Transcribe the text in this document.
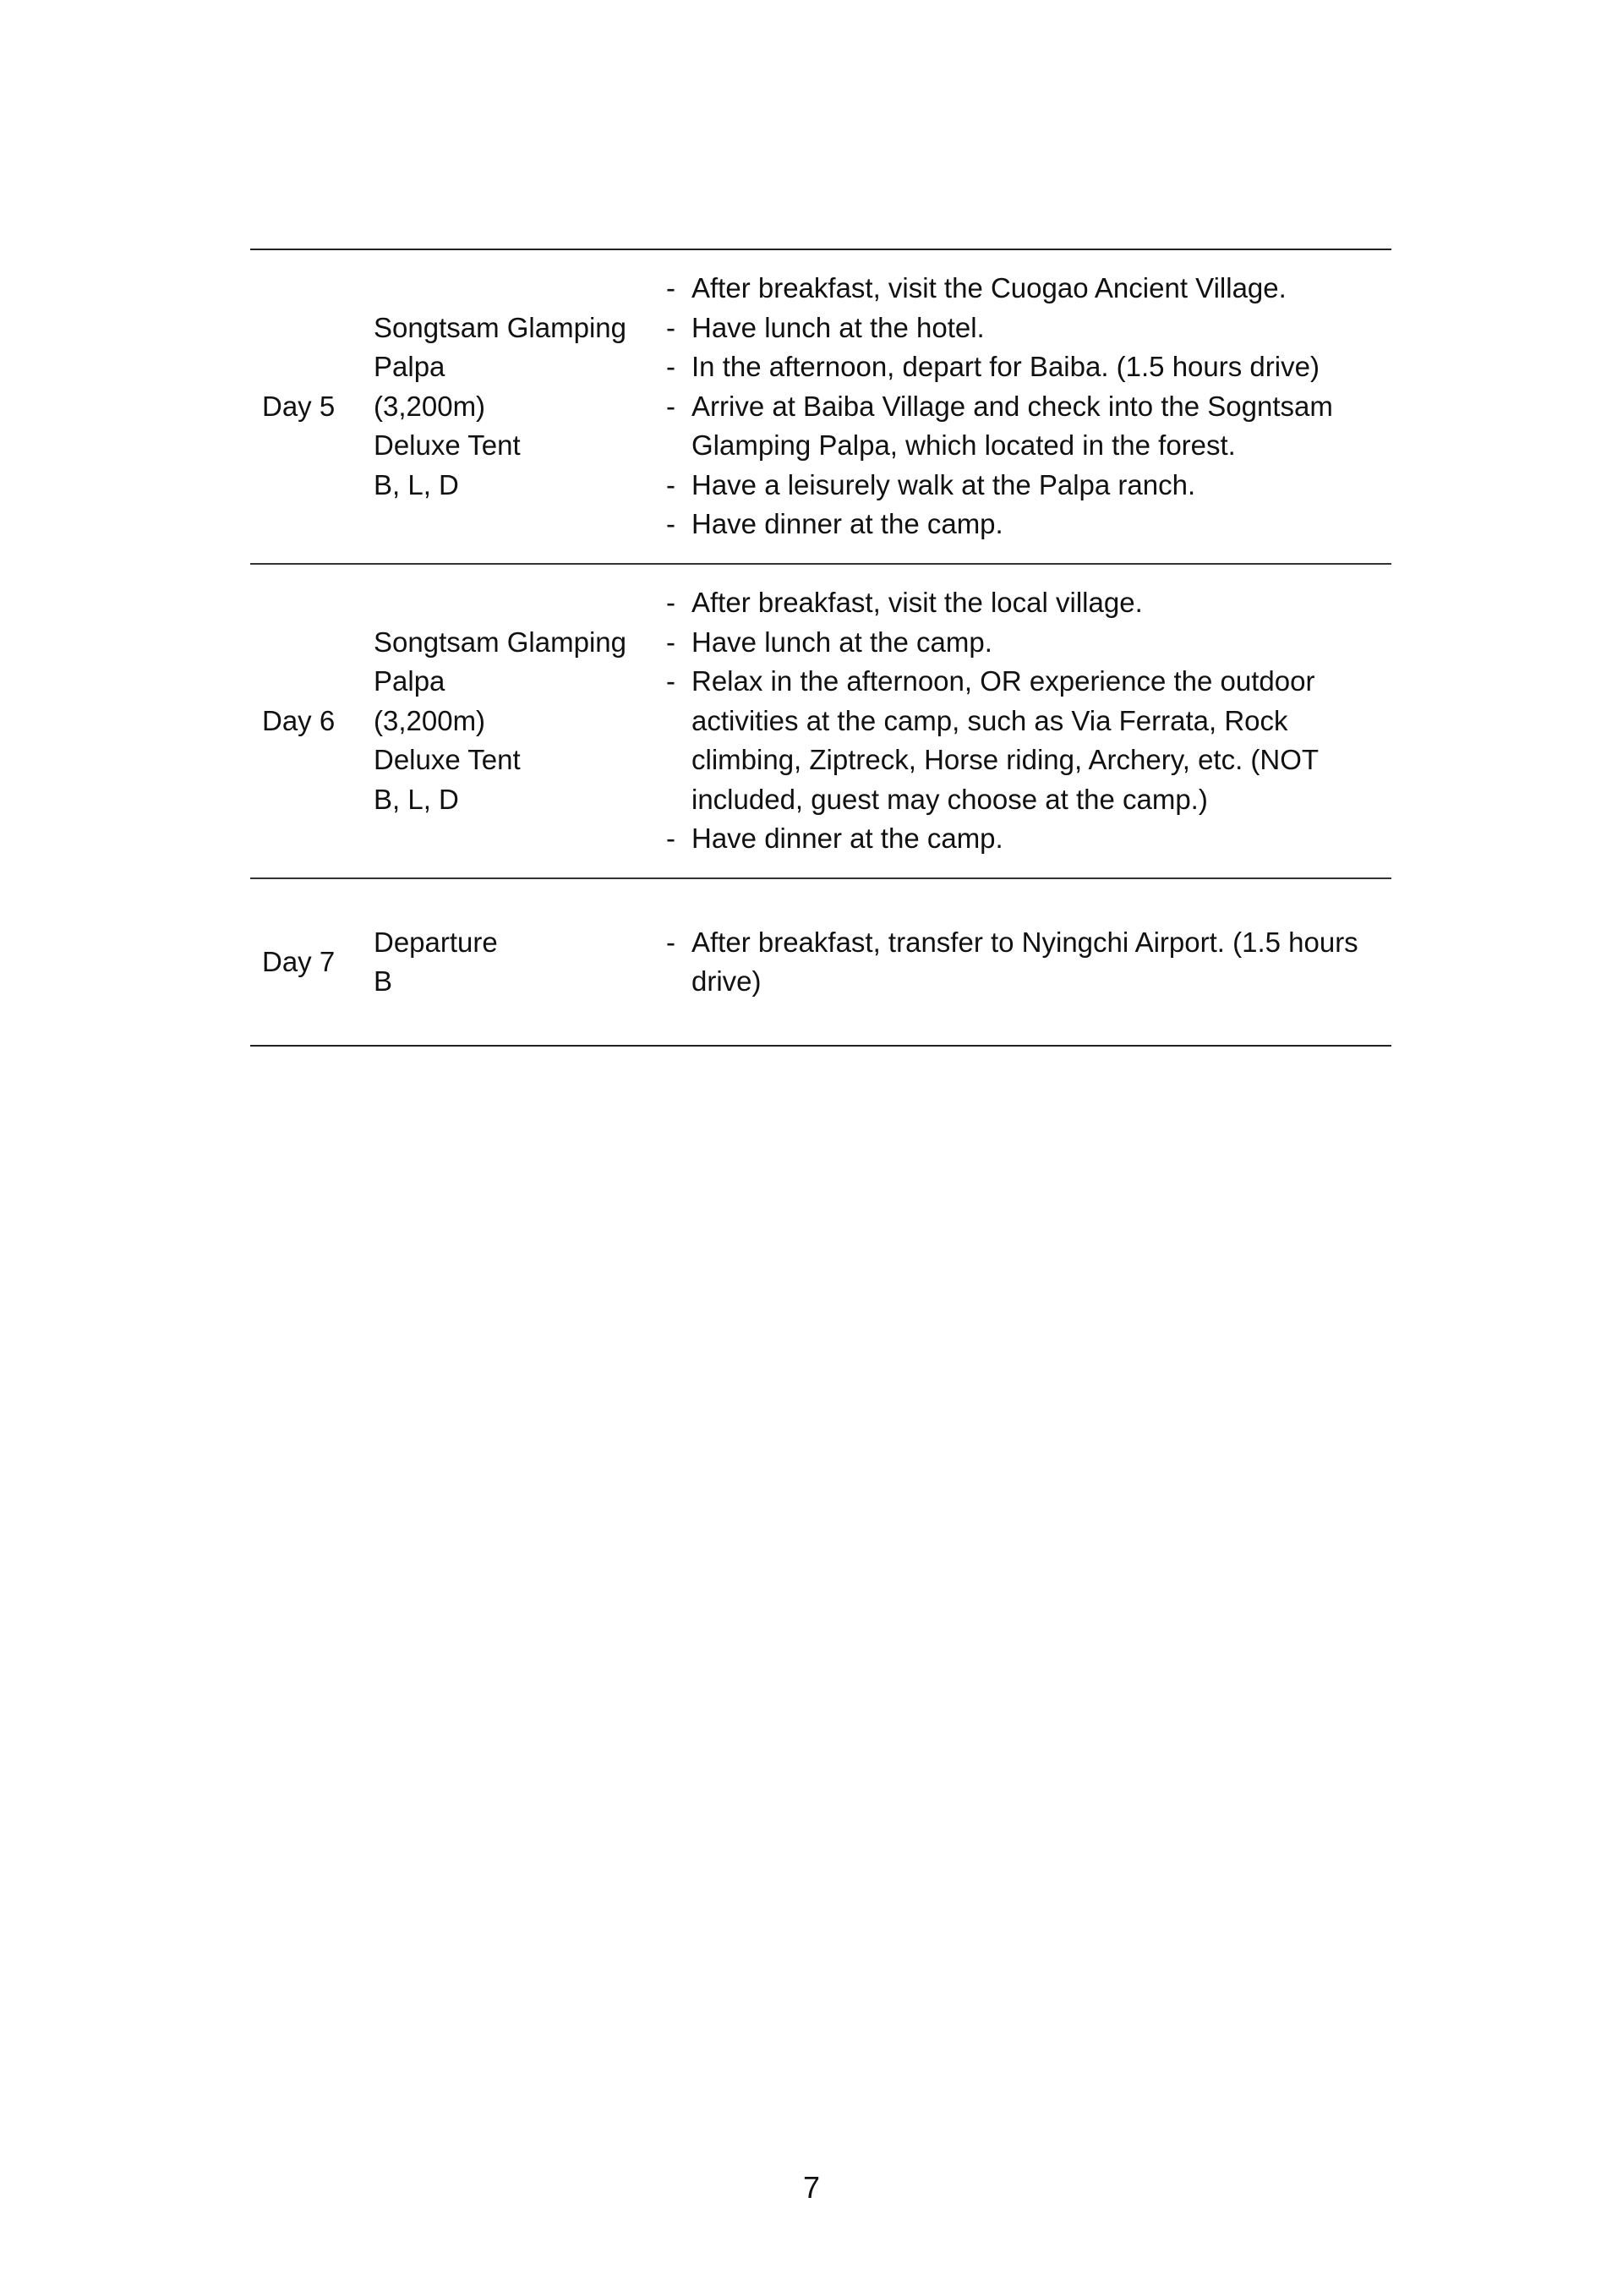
Day 5
Songtsam Glamping
Palpa
(3,200m)
Deluxe Tent
B, L, D
- After breakfast, visit the Cuogao Ancient Village.
- Have lunch at the hotel.
- In the afternoon, depart for Baiba. (1.5 hours drive)
- Arrive at Baiba Village and check into the Sogntsam Glamping Palpa, which located in the forest.
- Have a leisurely walk at the Palpa ranch.
- Have dinner at the camp.
Day 6
Songtsam Glamping
Palpa
(3,200m)
Deluxe Tent
B, L, D
- After breakfast, visit the local village.
- Have lunch at the camp.
- Relax in the afternoon, OR experience the outdoor activities at the camp, such as Via Ferrata, Rock climbing, Ziptreck, Horse riding, Archery, etc. (NOT included, guest may choose at the camp.)
- Have dinner at the camp.
Day 7
Departure
B
- After breakfast, transfer to Nyingchi Airport. (1.5 hours drive)
7
